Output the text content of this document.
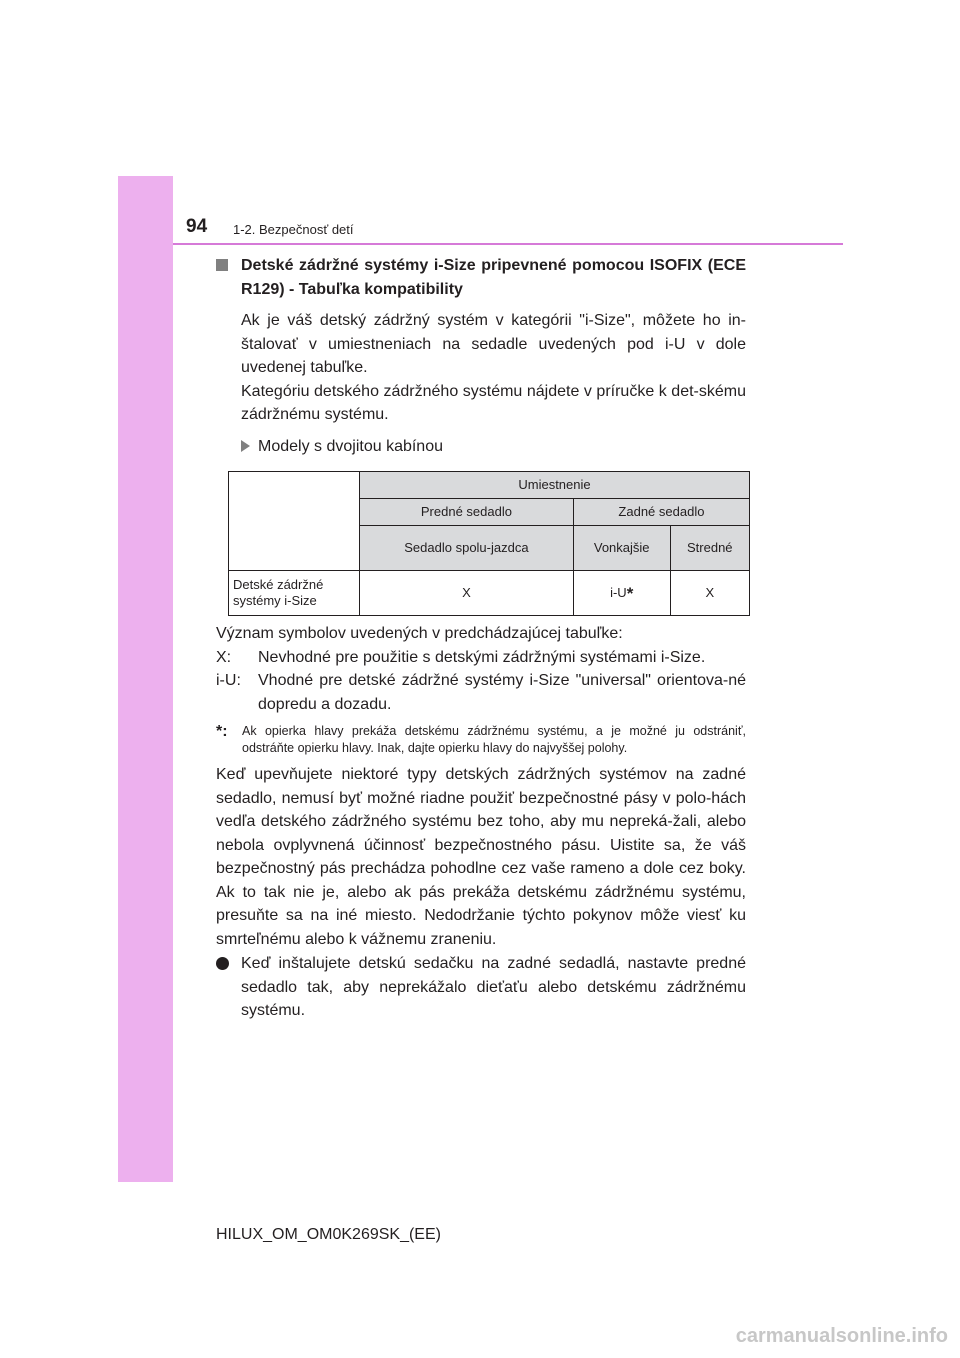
94 1-2. Bezpečnosť detí
Detské zádržné systémy i-Size pripevnené pomocou ISOFIX (ECE R129) - Tabuľka kompatibility

Ak je váš detský zádržný systém v kategórii "i-Size", môžete ho in-štalovať v umiestneniach na sedadle uvedených pod i-U v dole uvedenej tabuľke.

Kategóriu detského zádržného systému nájdete v príručke k det-skému zádržnému systému.

Modely s dvojitou kabínou
	Umiestnenie		
	Predné sedadlo	Zadné sedadlo	
	Sedadlo spolu-jazdca	Vonkajšie	Stredné
Detské zádržné systémy i-Size	X	i-U*	X

Význam symbolov uvedených v predchádzajúcej tabuľke:

X:	Nevhodné pre použitie s detskými zádržnými systémami i-Size.
i-U:	Vhodné pre detské zádržné systémy i-Size "universal" orientova-né dopredu a dozadu.
*:	Ak opierka hlavy prekáža detskému zádržnému systému, a je možné ju odstrániť, odstráňte opierku hlavy. Inak, dajte opierku hlavy do najvyššej polohy.
Keď upevňujete niektoré typy detských zádržných systémov na zadné sedadlo, nemusí byť možné riadne použiť bezpečnostné pásy v polo-hách vedľa detského zádržného systému bez toho, aby mu nepreká-žali, alebo nebola ovplyvnená účinnosť bezpečnostného pásu. Uistite sa, že váš bezpečnostný pás prechádza pohodlne cez vaše rameno a dole cez boky. Ak to tak nie je, alebo ak pás prekáža detskému zádržnému systému, presuňte sa na iné miesto. Nedodržanie týchto pokynov môže viesť ku smrteľnému alebo k vážnemu zraneniu.
Keď inštalujete detskú sedačku na zadné sedadlá, nastavte predné sedadlo tak, aby neprekážalo dieťaťu alebo detskému zádržnému systému.
HILUX_OM_OM0K269SK_(EE)
carmanualsonline.info
